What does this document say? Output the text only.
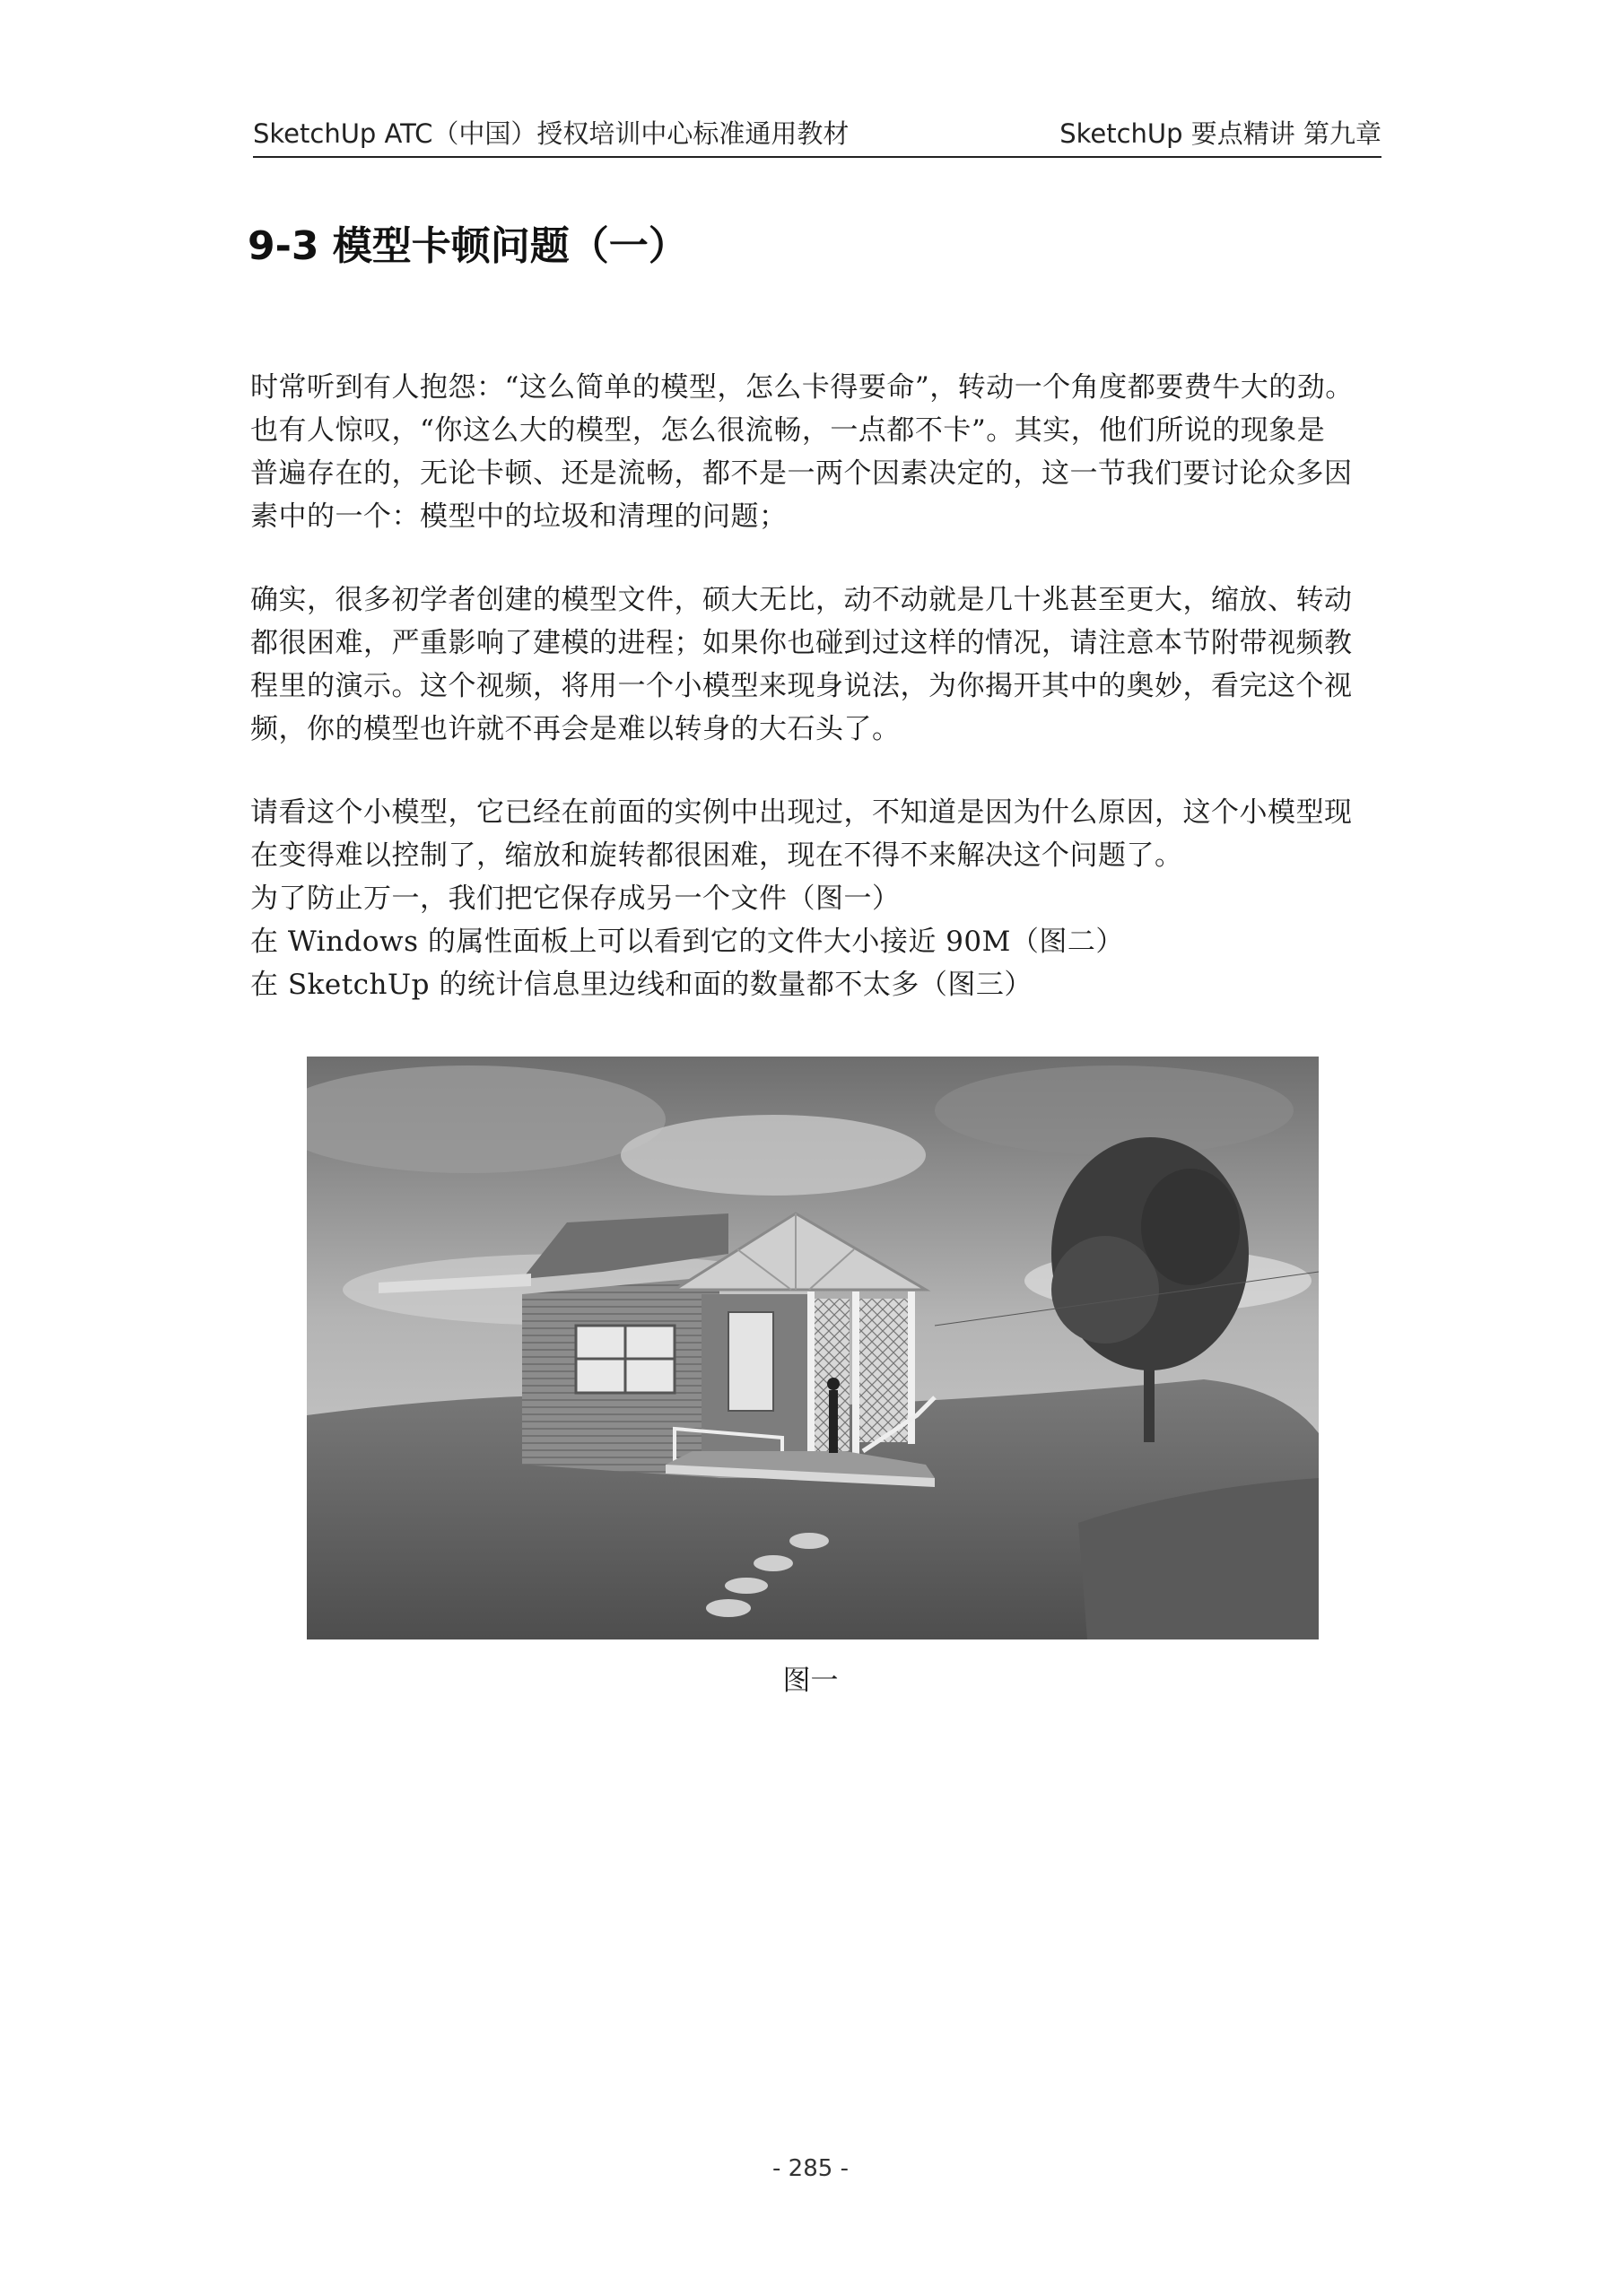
SketchUp ATC（中国）授权培训中心标准通用教材	SketchUp 要点精讲 第九章
9-3 模型卡顿问题（一）
时常听到有人抱怨：“这么简单的模型，怎么卡得要命”，转动一个角度都要费牛大的劲。
也有人惊叹，“你这么大的模型，怎么很流畅，一点都不卡”。其实，他们所说的现象是
普遍存在的，无论卡顿、还是流畅，都不是一两个因素决定的，这一节我们要讨论众多因
素中的一个：模型中的垃圾和清理的问题；
确实，很多初学者创建的模型文件，硕大无比，动不动就是几十兆甚至更大，缩放、转动
都很困难，严重影响了建模的进程；如果你也碰到过这样的情况，请注意本节附带视频教
程里的演示。这个视频，将用一个小模型来现身说法，为你揭开其中的奥妙，看完这个视
频，你的模型也许就不再会是难以转身的大石头了。
请看这个小模型，它已经在前面的实例中出现过，不知道是因为什么原因，这个小模型现
在变得难以控制了，缩放和旋转都很困难，现在不得不来解决这个问题了。
为了防止万一，我们把它保存成另一个文件（图一）
在 Windows 的属性面板上可以看到它的文件大小接近 90M（图二）
在 SketchUp 的统计信息里边线和面的数量都不太多（图三）
图一
- 285 -
